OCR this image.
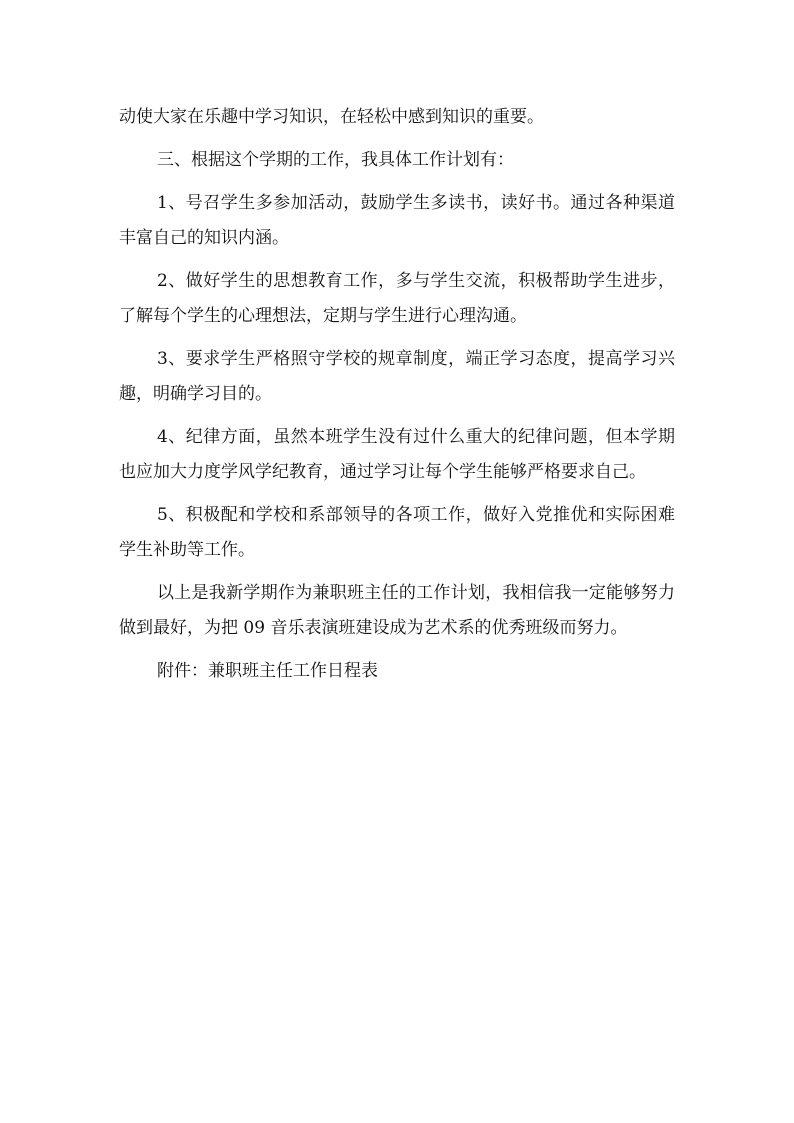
动使大家在乐趣中学习知识，在轻松中感到知识的重要。

三、根据这个学期的工作，我具体工作计划有：

1、号召学生多参加活动，鼓励学生多读书，读好书。通过各种渠道丰富自己的知识内涵。

2、做好学生的思想教育工作，多与学生交流，积极帮助学生进步，了解每个学生的心理想法，定期与学生进行心理沟通。

3、要求学生严格照守学校的规章制度，端正学习态度，提高学习兴趣，明确学习目的。

4、纪律方面，虽然本班学生没有过什么重大的纪律问题，但本学期也应加大力度学风学纪教育，通过学习让每个学生能够严格要求自己。

5、积极配和学校和系部领导的各项工作，做好入党推优和实际困难学生补助等工作。

以上是我新学期作为兼职班主任的工作计划，我相信我一定能够努力做到最好，为把 09 音乐表演班建设成为艺术系的优秀班级而努力。

附件：兼职班主任工作日程表
